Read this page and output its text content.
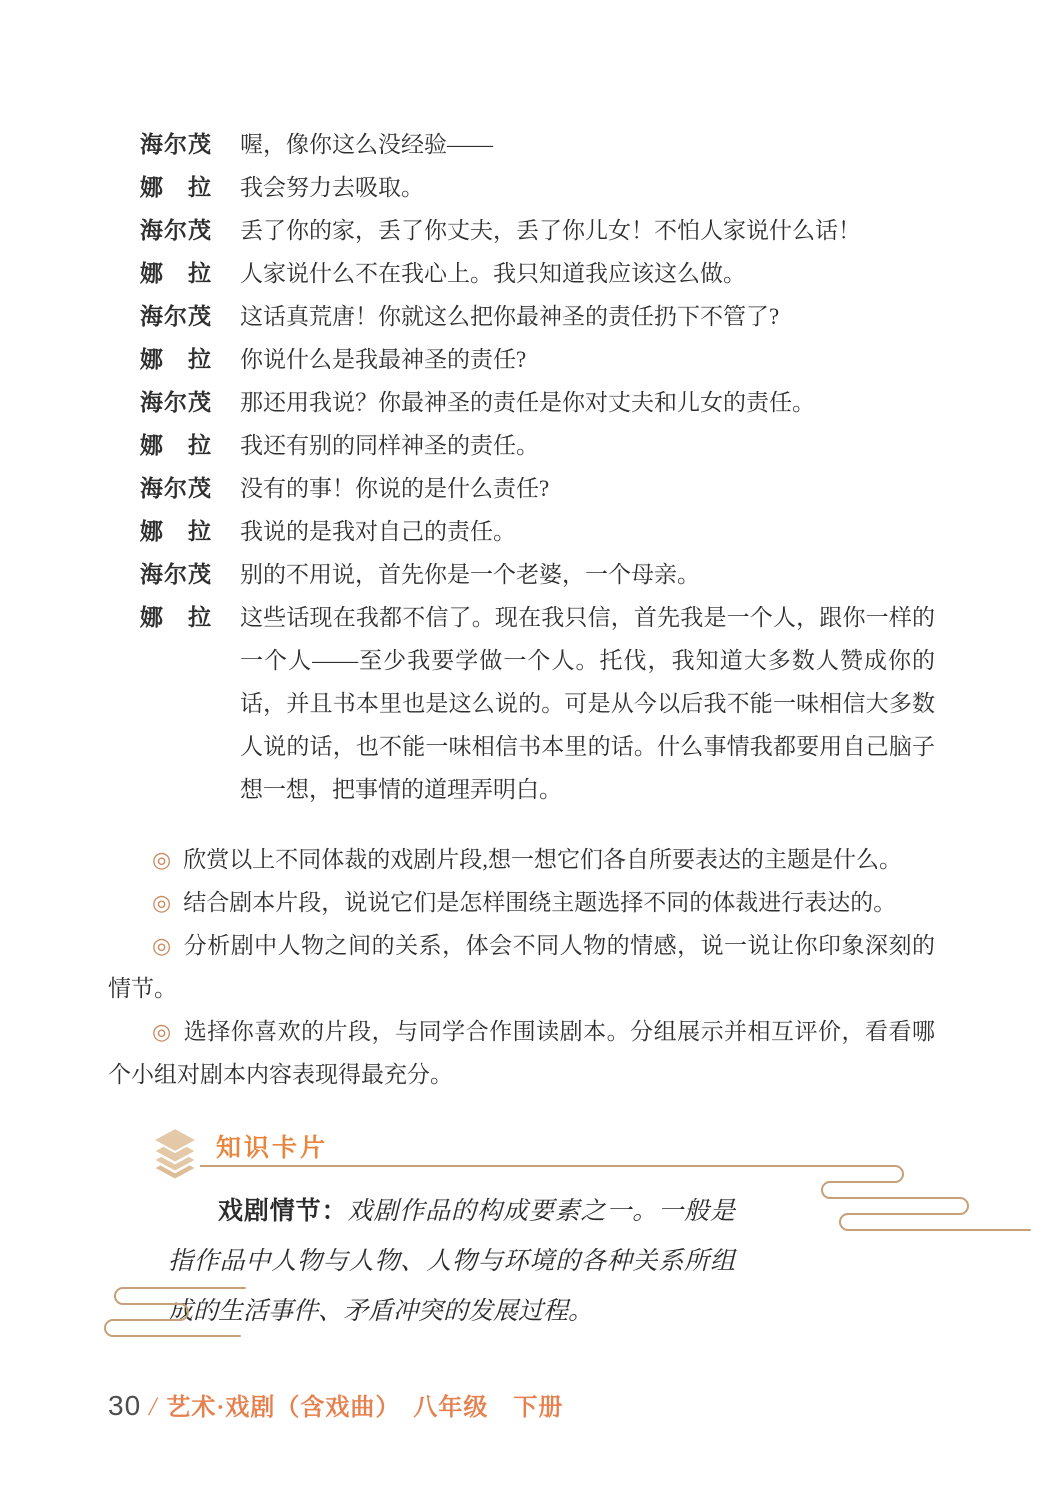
海尔茂 喔，像你这么没经验——
娜　拉 我会努力去吸取。
海尔茂 丢了你的家，丢了你丈夫，丢了你儿女！不怕人家说什么话！
娜　拉 人家说什么不在我心上。我只知道我应该这么做。
海尔茂 这话真荒唐！你就这么把你最神圣的责任扔下不管了?
娜　拉 你说什么是我最神圣的责任?
海尔茂 那还用我说？你最神圣的责任是你对丈夫和儿女的责任。
娜　拉 我还有别的同样神圣的责任。
海尔茂 没有的事！你说的是什么责任?
娜　拉 我说的是我对自己的责任。
海尔茂 别的不用说，首先你是一个老婆，一个母亲。
娜　拉 这些话现在我都不信了。现在我只信，首先我是一个人，跟你一样的一个人——至少我要学做一个人。托伐，我知道大多数人赞成你的话，并且书本里也是这么说的。可是从今以后我不能一味相信大多数人说的话，也不能一味相信书本里的话。什么事情我都要用自己脑子想一想，把事情的道理弄明白。

◎ 欣赏以上不同体裁的戏剧片段,想一想它们各自所要表达的主题是什么。

◎ 结合剧本片段，说说它们是怎样围绕主题选择不同的体裁进行表达的。

◎ 分析剧中人物之间的关系，体会不同人物的情感，说一说让你印象深刻的情节。

◎ 选择你喜欢的片段，与同学合作围读剧本。分组展示并相互评价，看看哪个小组对剧本内容表现得最充分。

知识卡片

戏剧情节：戏剧作品的构成要素之一。一般是指作品中人物与人物、人物与环境的各种关系所组成的生活事件、矛盾冲突的发展过程。

30 / 艺术·戏剧（含戏曲）　八年级　下册
